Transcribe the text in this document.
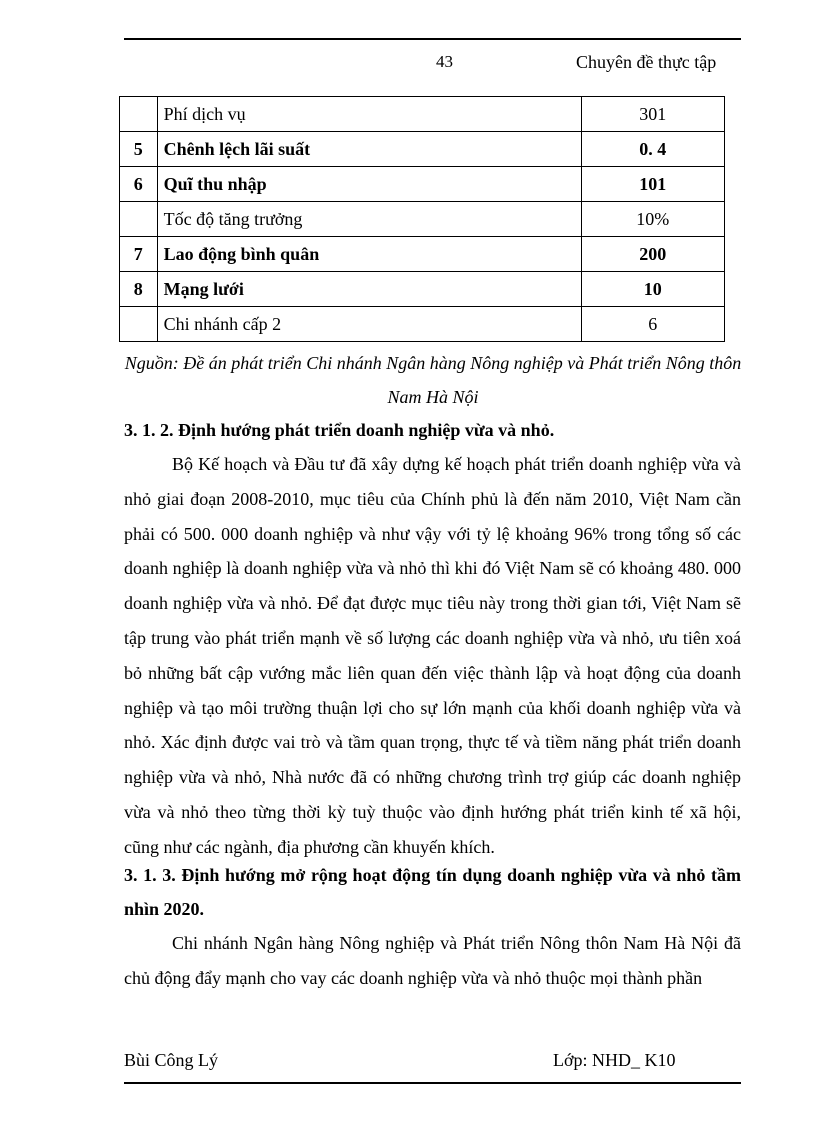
43	Chuyên đề thực tập
	Phí dịch vụ	301
5	Chênh lệch lãi suất	0. 4
6	Quĩ thu nhập	101
	Tốc độ tăng trưởng	10%
7	Lao động bình quân	200
8	Mạng lưới	10
	Chi nhánh cấp 2	6
Nguồn: Đề án phát triển Chi nhánh Ngân hàng Nông nghiệp và Phát triển Nông thôn Nam Hà Nội
3. 1. 2. Định hướng phát triển doanh nghiệp vừa và nhỏ.

Bộ Kế hoạch và Đầu tư đã xây dựng kế hoạch phát triển doanh nghiệp vừa và nhỏ giai đoạn 2008-2010, mục tiêu của Chính phủ là đến năm 2010, Việt Nam cần phải có 500. 000 doanh nghiệp và như vậy với tỷ lệ khoảng 96% trong tổng số các doanh nghiệp là doanh nghiệp vừa và nhỏ thì khi đó Việt Nam sẽ có khoảng 480. 000 doanh nghiệp vừa và nhỏ. Để đạt được mục tiêu này trong thời gian tới, Việt Nam sẽ tập trung vào phát triển mạnh về số lượng các doanh nghiệp vừa và nhỏ, ưu tiên xoá bỏ những bất cập vướng mắc liên quan đến việc thành lập và hoạt động của doanh nghiệp và tạo môi trường thuận lợi cho sự lớn mạnh của khối doanh nghiệp vừa và nhỏ. Xác định được vai trò và tầm quan trọng, thực tế và tiềm năng phát triển doanh nghiệp vừa và nhỏ, Nhà nước đã có những chương trình trợ giúp các doanh nghiệp vừa và nhỏ theo từng thời kỳ tuỳ thuộc vào định hướng phát triển kinh tế xã hội, cũng như các ngành, địa phương cần khuyến khích.

3. 1. 3. Định hướng mở rộng hoạt động tín dụng doanh nghiệp vừa và nhỏ tầm nhìn 2020.

Chi nhánh Ngân hàng Nông nghiệp và Phát triển Nông thôn Nam Hà Nội đã chủ động đẩy mạnh cho vay các doanh nghiệp vừa và nhỏ thuộc mọi thành phần

Bùi Công Lý	Lớp: NHD_ K10
